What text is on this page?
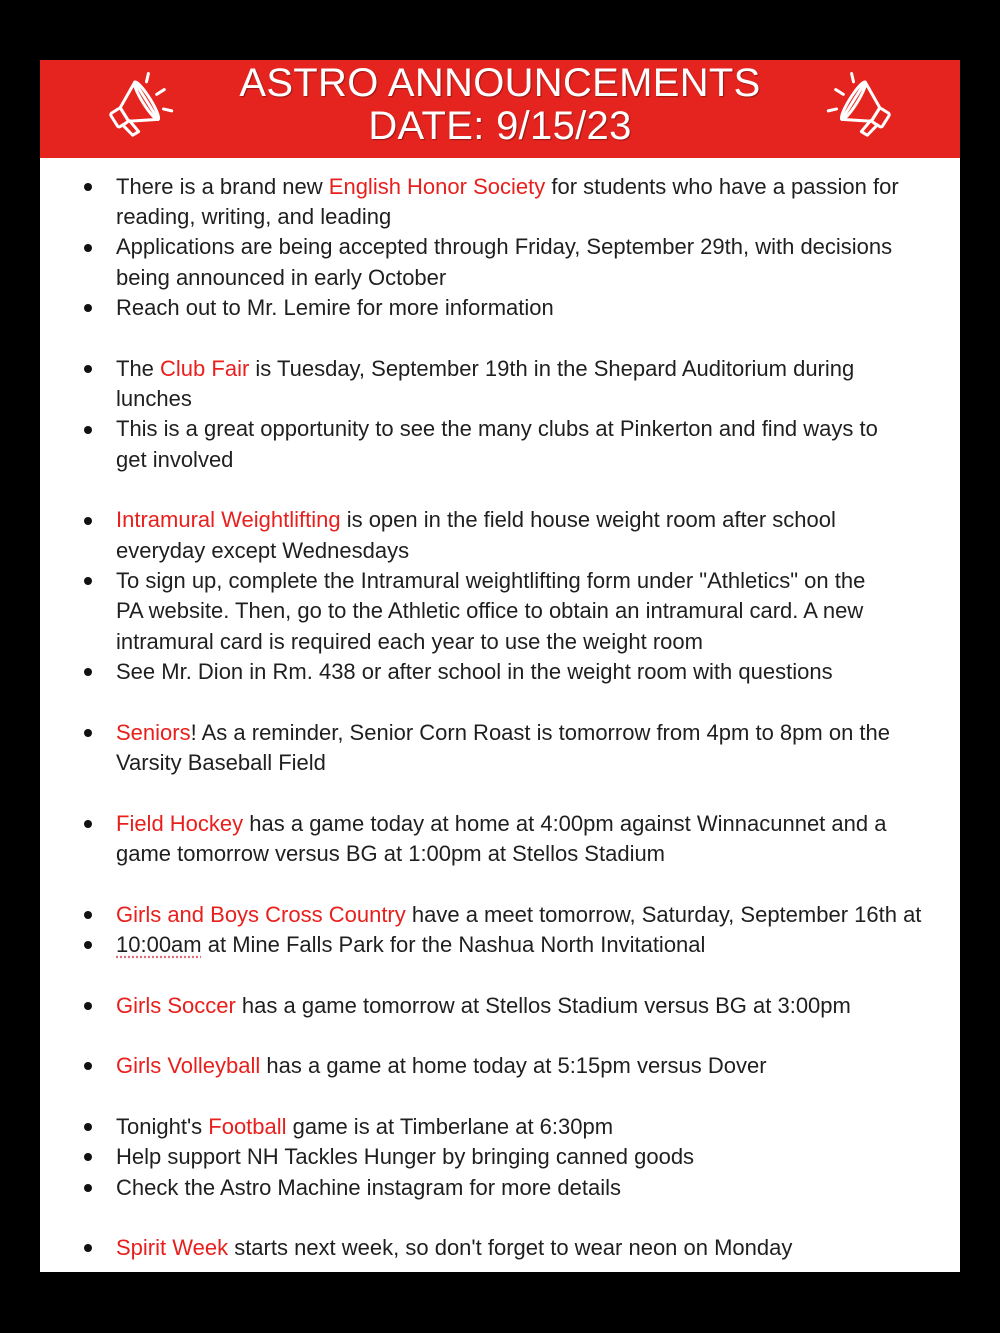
ASTRO ANNOUNCEMENTS
DATE: 9/15/23
There is a brand new English Honor Society for students who have a passion for
reading, writing, and leading
Applications are being accepted through Friday, September 29th, with decisions
being announced in early October
Reach out to Mr. Lemire for more information
The Club Fair is Tuesday, September 19th in the Shepard Auditorium during
lunches
This is a great opportunity to see the many clubs at Pinkerton and find ways to
get involved
Intramural Weightlifting is open in the field house weight room after school
everyday except Wednesdays
To sign up, complete the Intramural weightlifting form under "Athletics" on the
PA website. Then, go to the Athletic office to obtain an intramural card. A new
intramural card is required each year to use the weight room
See Mr. Dion in Rm. 438 or after school in the weight room with questions
Seniors! As a reminder, Senior Corn Roast is tomorrow from 4pm to 8pm on the
Varsity Baseball Field
Field Hockey has a game today at home at 4:00pm against Winnacunnet and a
game tomorrow versus BG at 1:00pm at Stellos Stadium
Girls and Boys Cross Country have a meet tomorrow, Saturday, September 16th at
10:00am at Mine Falls Park for the Nashua North Invitational
Girls Soccer has a game tomorrow at Stellos Stadium versus BG at 3:00pm
Girls Volleyball has a game at home today at 5:15pm versus Dover
Tonight's Football game is at Timberlane at 6:30pm
Help support NH Tackles Hunger by bringing canned goods
Check the Astro Machine instagram for more details
Spirit Week starts next week, so don't forget to wear neon on Monday
